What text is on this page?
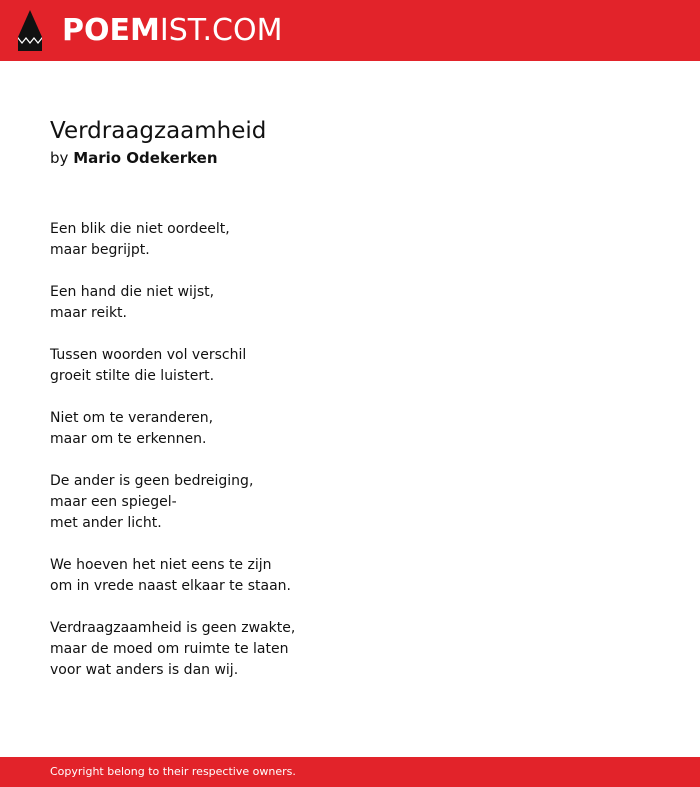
POEMIST.COM
Verdraagzaamheid

by Mario Odekerken

Een blik die niet oordeelt,
maar begrijpt.

Een hand die niet wijst,
maar reikt.

Tussen woorden vol verschil
groeit stilte die luistert.

Niet om te veranderen,
maar om te erkennen.

De ander is geen bedreiging,
maar een spiegel-
met ander licht.

We hoeven het niet eens te zijn
om in vrede naast elkaar te staan.

Verdraagzaamheid is geen zwakte,
maar de moed om ruimte te laten
voor wat anders is dan wij.

Copyright belong to their respective owners.
